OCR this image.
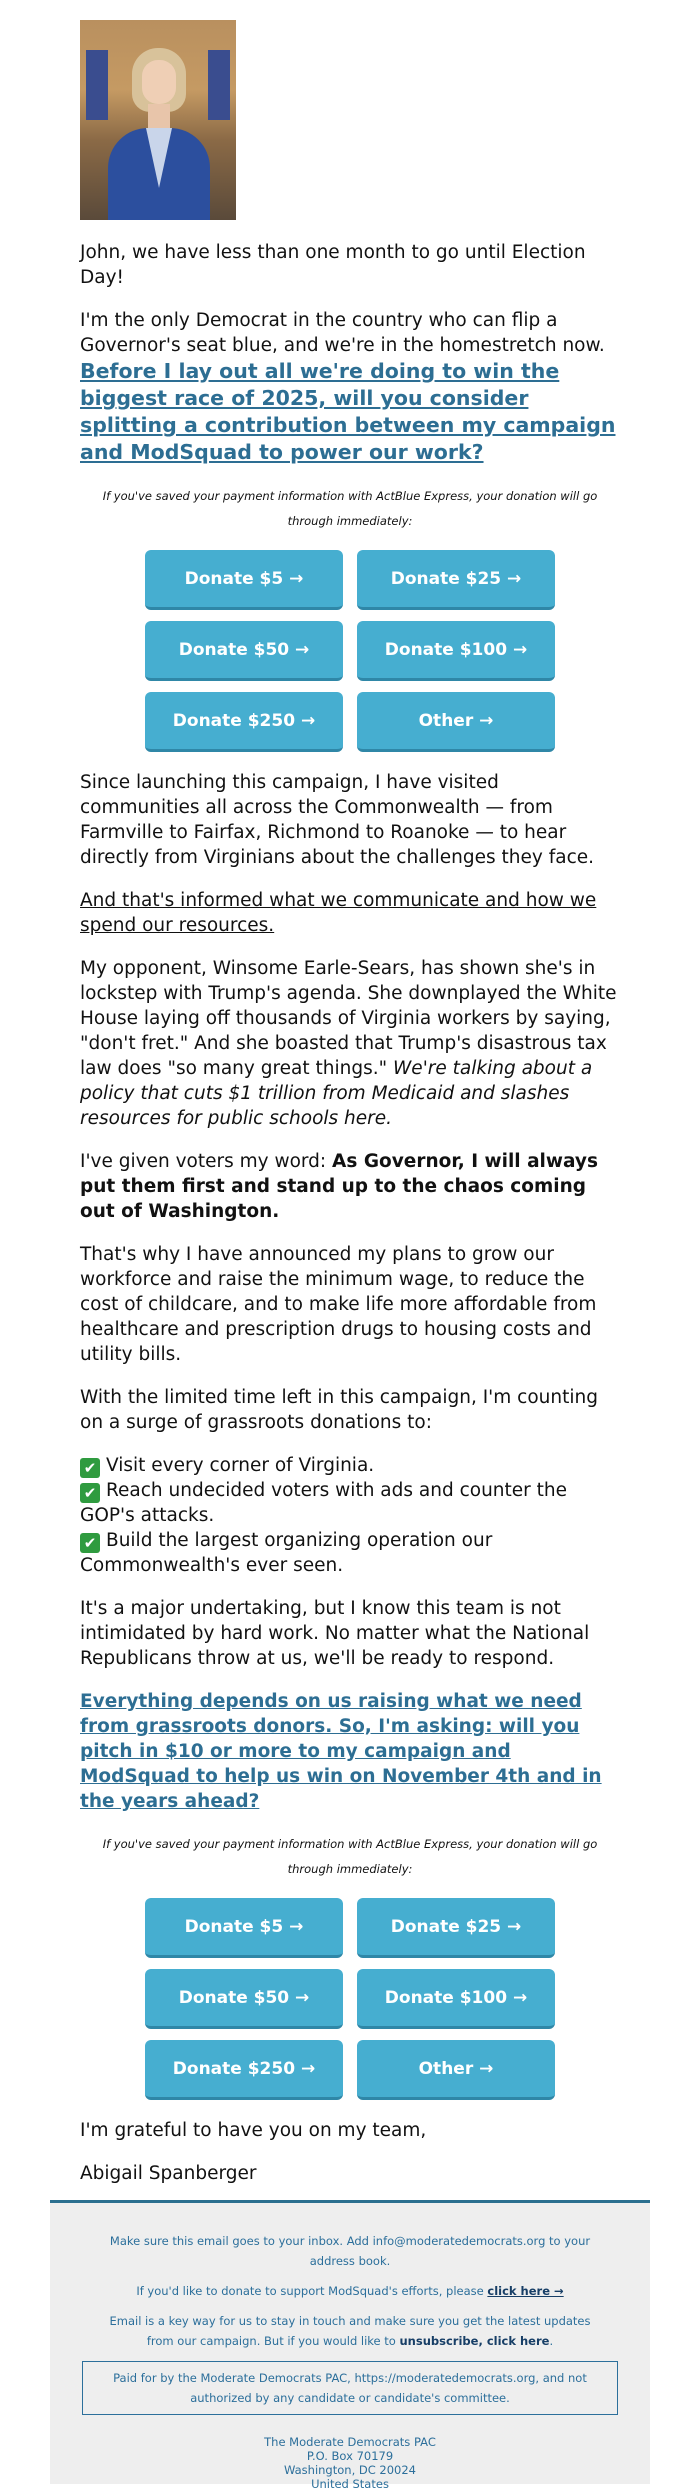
John, we have less than one month to go until Election Day!

I'm the only Democrat in the country who can flip a Governor's seat blue, and we're in the homestretch now. Before I lay out all we're doing to win the biggest race of 2025, will you consider splitting a contribution between my campaign and ModSquad to power our work?

If you've saved your payment information with ActBlue Express, your donation will go through immediately:
Donate $5 →	Donate $25 →
Donate $50 →	Donate $100 →
Donate $250 →	Other →

Since launching this campaign, I have visited communities all across the Commonwealth — from Farmville to Fairfax, Richmond to Roanoke — to hear directly from Virginians about the challenges they face.

And that's informed what we communicate and how we spend our resources.

My opponent, Winsome Earle-Sears, has shown she's in lockstep with Trump's agenda. She downplayed the White House laying off thousands of Virginia workers by saying, "don't fret." And she boasted that Trump's disastrous tax law does "so many great things." We're talking about a policy that cuts $1 trillion from Medicaid and slashes resources for public schools here.

I've given voters my word: As Governor, I will always put them first and stand up to the chaos coming out of Washington.

That's why I have announced my plans to grow our workforce and raise the minimum wage, to reduce the cost of childcare, and to make life more affordable from healthcare and prescription drugs to housing costs and utility bills.

With the limited time left in this campaign, I'm counting on a surge of grassroots donations to:

✔ Visit every corner of Virginia.
✔ Reach undecided voters with ads and counter the GOP's attacks.
✔ Build the largest organizing operation our Commonwealth's ever seen.

It's a major undertaking, but I know this team is not intimidated by hard work. No matter what the National Republicans throw at us, we'll be ready to respond.

Everything depends on us raising what we need from grassroots donors. So, I'm asking: will you pitch in $10 or more to my campaign and ModSquad to help us win on November 4th and in the years ahead?

If you've saved your payment information with ActBlue Express, your donation will go through immediately:
Donate $5 →	Donate $25 →
Donate $50 →	Donate $100 →
Donate $250 →	Other →

I'm grateful to have you on my team,

Abigail Spanberger

Make sure this email goes to your inbox. Add info@moderatedemocrats.org to your address book.
If you'd like to donate to support ModSquad's efforts, please click here →
Email is a key way for us to stay in touch and make sure you get the latest updates from our campaign. But if you would like to unsubscribe, click here.
Paid for by the Moderate Democrats PAC, https://moderatedemocrats.org, and not authorized by any candidate or candidate's committee.
The Moderate Democrats PAC
P.O. Box 70179
Washington, DC 20024
United States
